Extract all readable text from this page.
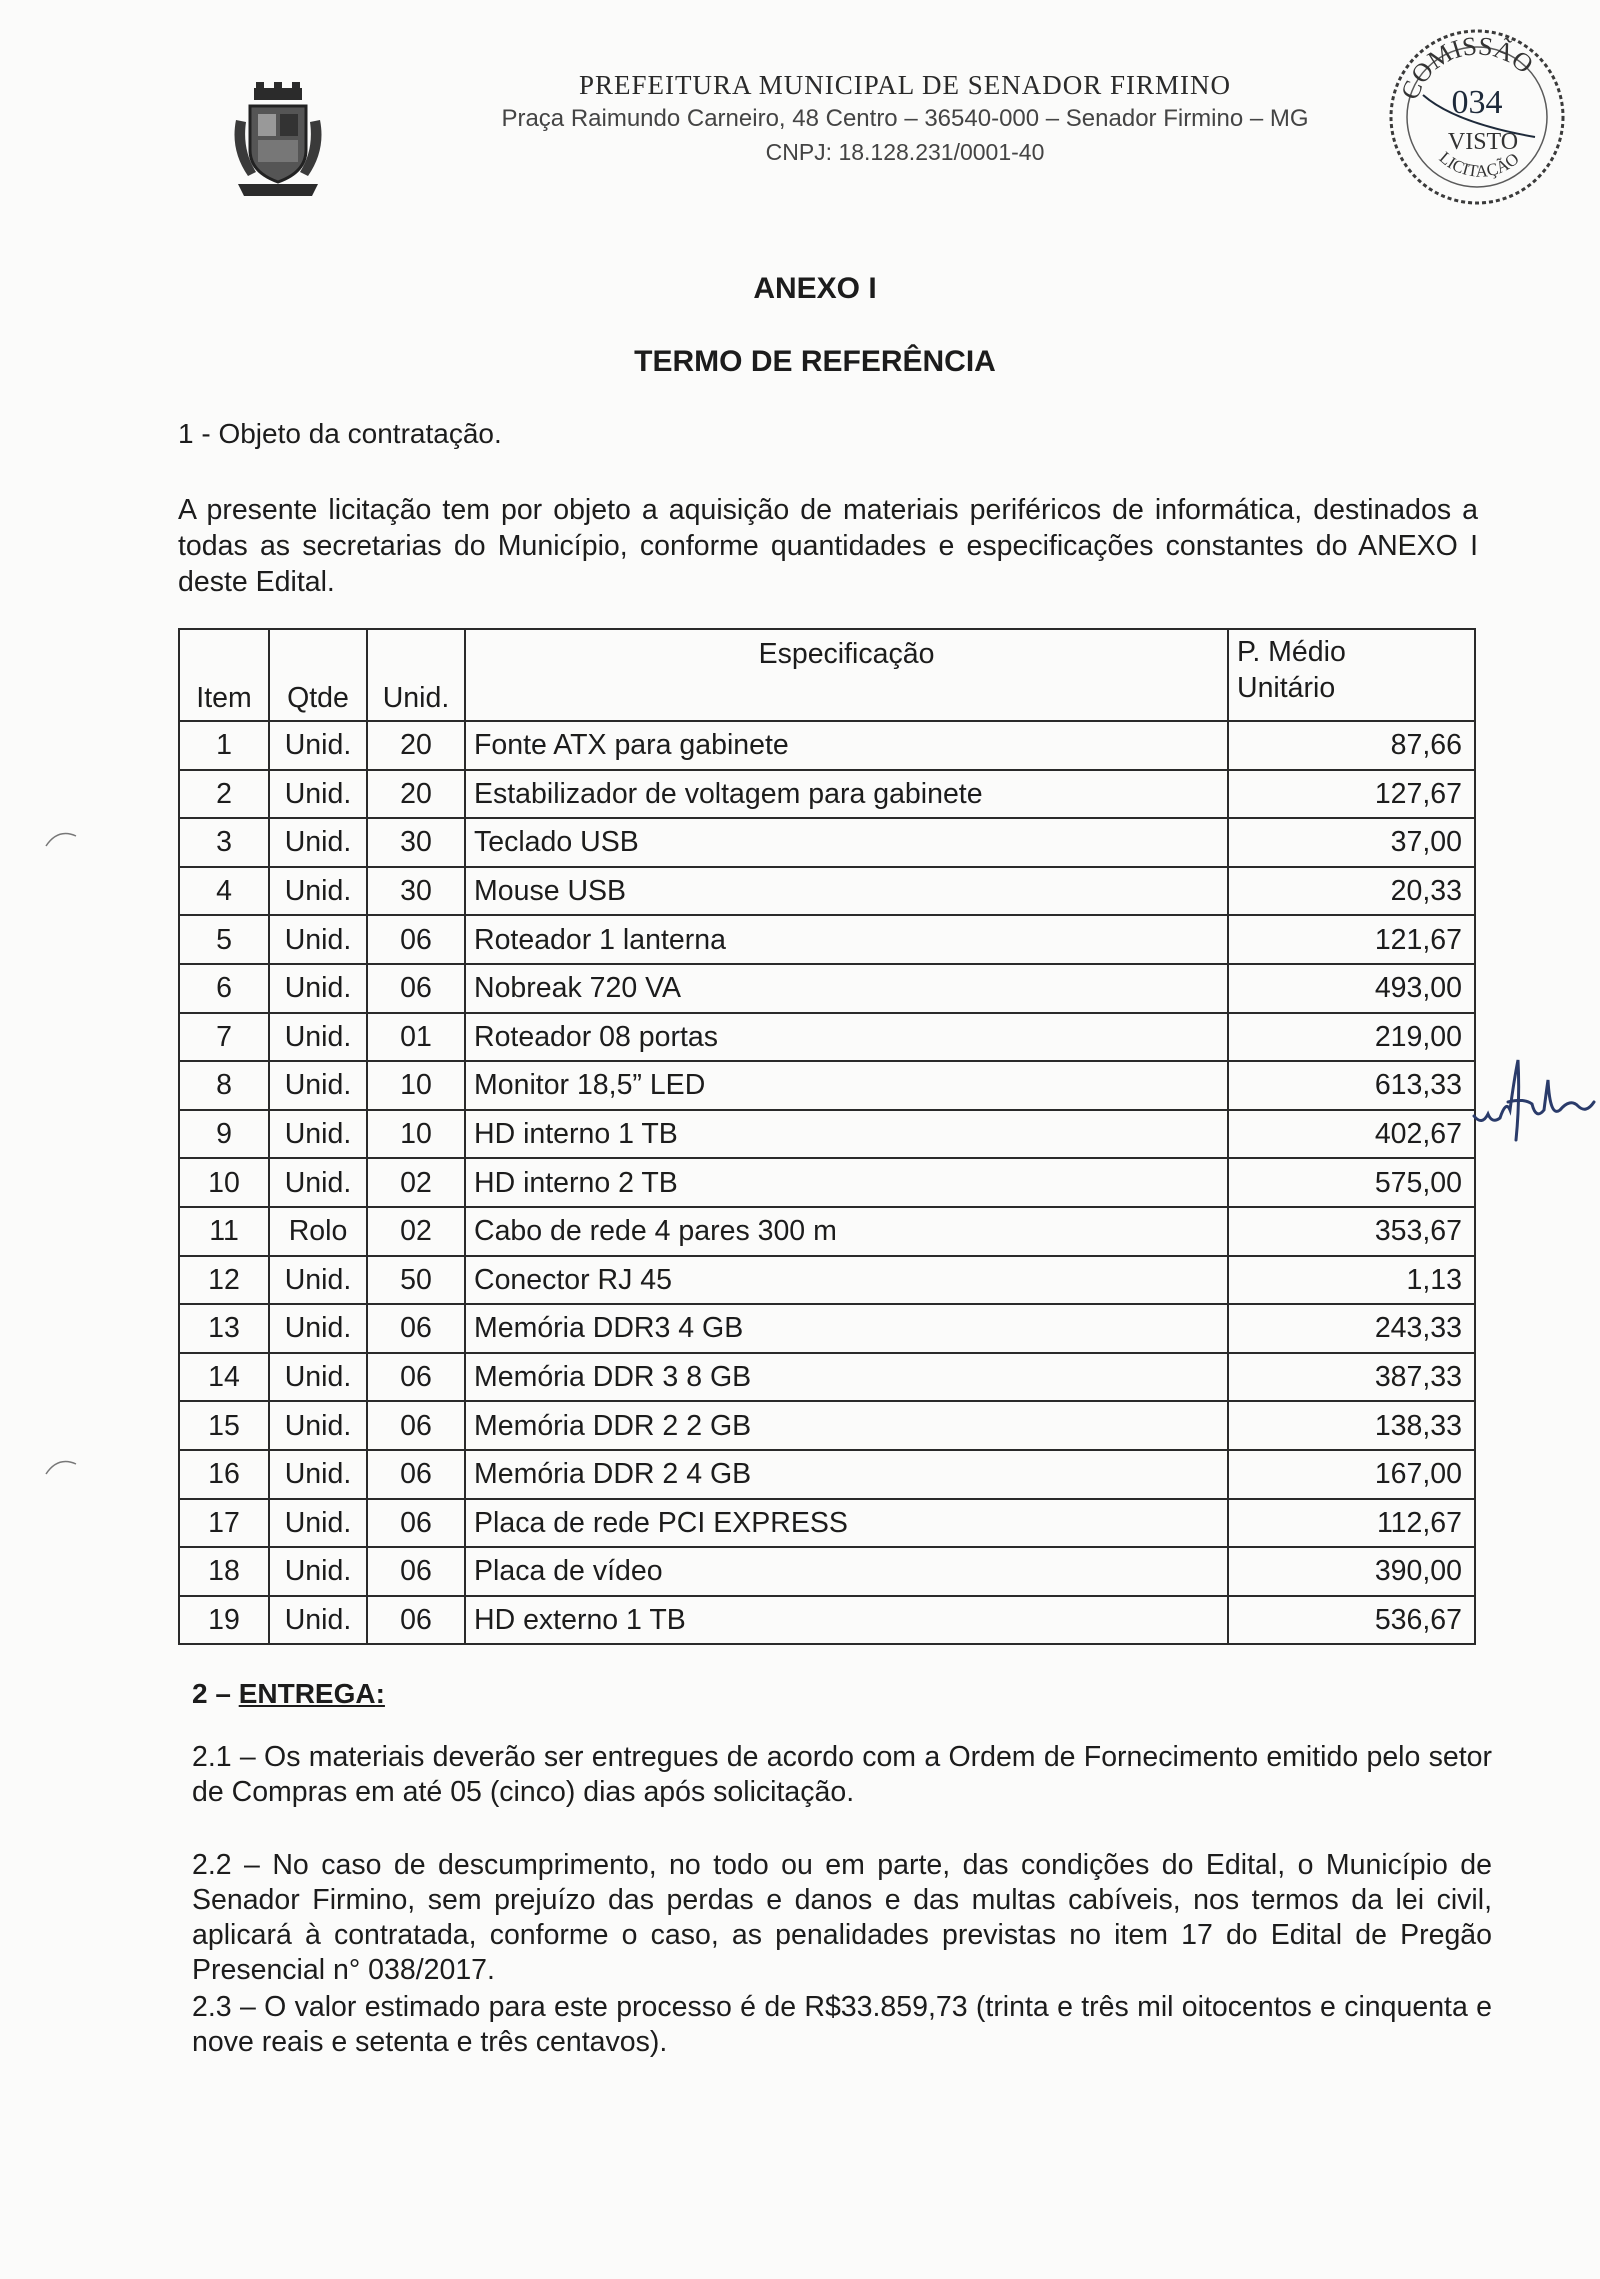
PREFEITURA MUNICIPAL DE SENADOR FIRMINO
Praça Raimundo Carneiro, 48 Centro – 36540-000 – Senador Firmino – MG
CNPJ: 18.128.231/0001-40
COMISSÃO
034
VISTO
LICITAÇÃO
ANEXO I
TERMO DE REFERÊNCIA
1 - Objeto da contratação.
A presente licitação tem por objeto a aquisição de materiais periféricos de informática, destinados a todas as secretarias do Município, conforme quantidades e especificações constantes do ANEXO I deste Edital.
Item	Qtde	Unid.	Especificação	P. Médio
Unitário
1	Unid.	20	Fonte ATX para gabinete	87,66
2	Unid.	20	Estabilizador de voltagem para gabinete	127,67
3	Unid.	30	Teclado USB	37,00
4	Unid.	30	Mouse USB	20,33
5	Unid.	06	Roteador 1 lanterna	121,67
6	Unid.	06	Nobreak 720 VA	493,00
7	Unid.	01	Roteador 08 portas	219,00
8	Unid.	10	Monitor 18,5” LED	613,33
9	Unid.	10	HD interno 1 TB	402,67
10	Unid.	02	HD interno 2 TB	575,00
11	Rolo	02	Cabo de rede 4 pares 300 m	353,67
12	Unid.	50	Conector RJ 45	1,13
13	Unid.	06	Memória DDR3 4 GB	243,33
14	Unid.	06	Memória DDR 3 8 GB	387,33
15	Unid.	06	Memória DDR 2 2 GB	138,33
16	Unid.	06	Memória DDR 2 4 GB	167,00
17	Unid.	06	Placa de rede PCI EXPRESS	112,67
18	Unid.	06	Placa de vídeo	390,00
19	Unid.	06	HD externo 1 TB	536,67
2 – ENTREGA:
2.1 – Os materiais deverão ser entregues de acordo com a Ordem de Fornecimento emitido pelo setor de Compras em até 05 (cinco) dias após solicitação.
2.2 – No caso de descumprimento, no todo ou em parte, das condições do Edital, o Município de Senador Firmino, sem prejuízo das perdas e danos e das multas cabíveis, nos termos da lei civil, aplicará à contratada, conforme o caso, as penalidades previstas no item 17 do Edital de Pregão Presencial n° 038/2017.
2.3 – O valor estimado para este processo é de R$33.859,73 (trinta e três mil oitocentos e cinquenta e nove reais e setenta e três centavos).
